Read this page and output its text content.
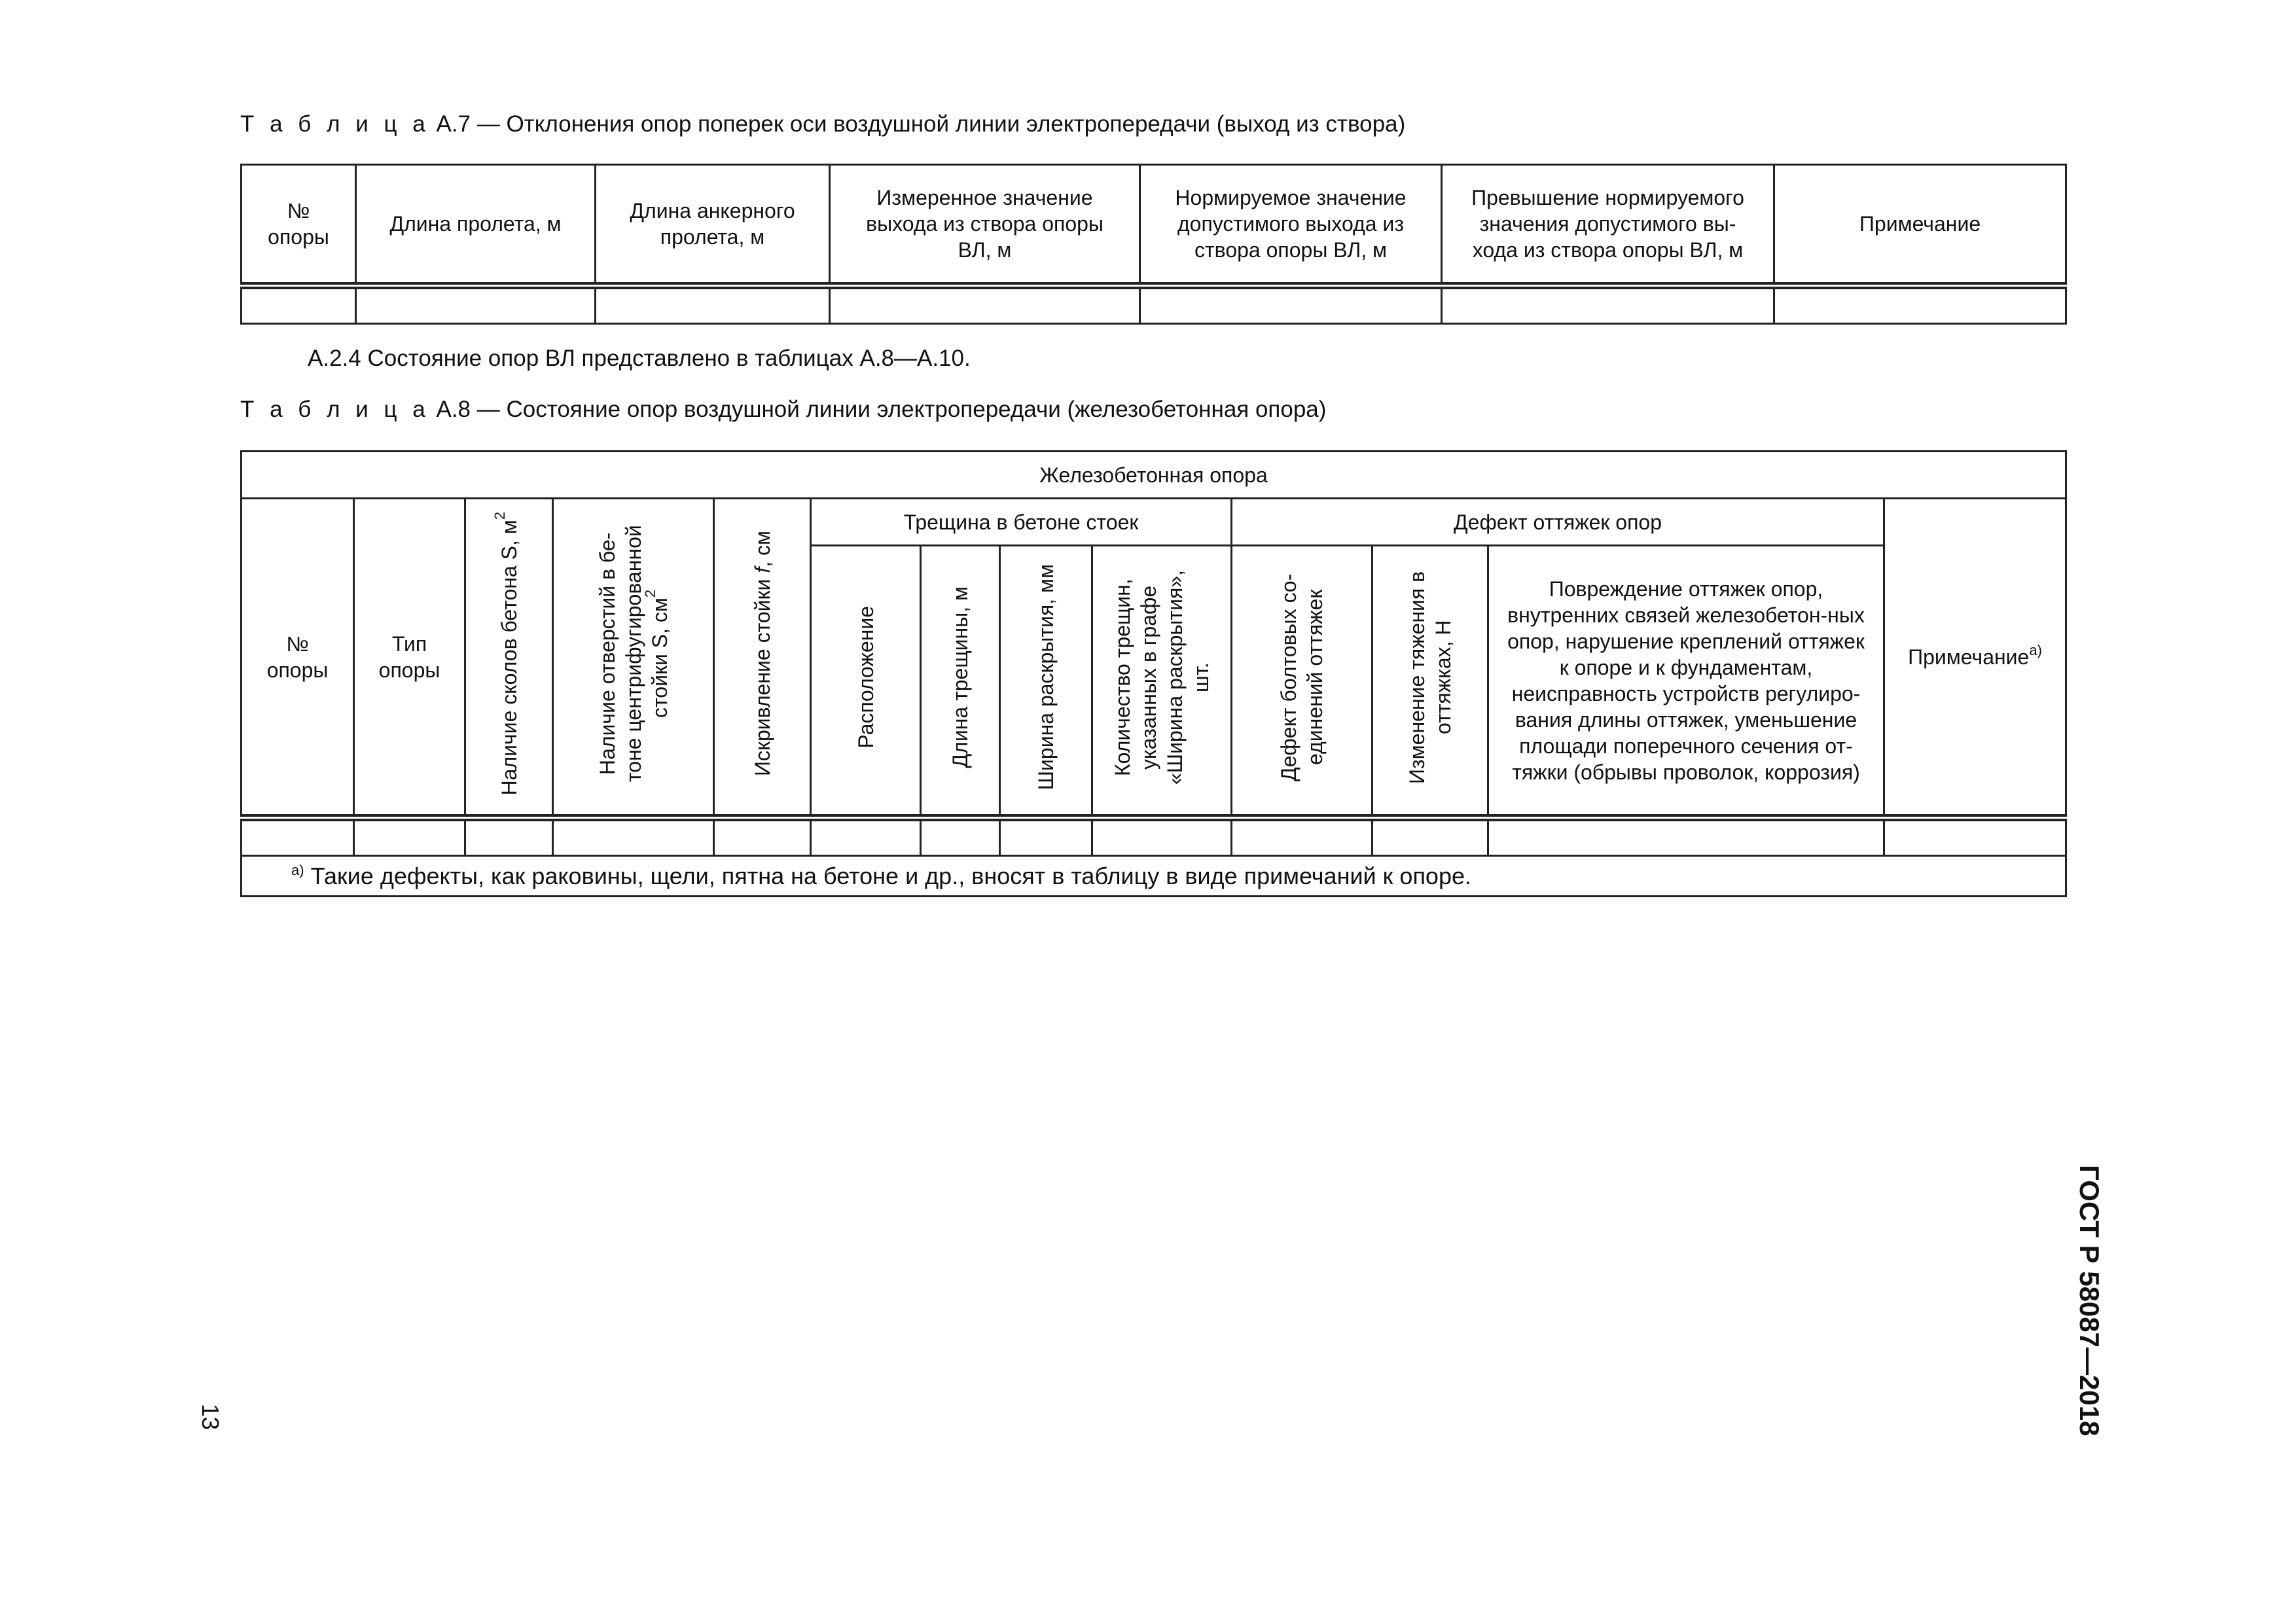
Т а б л и ц а А.7 — Отклонения опор поперек оси воздушной линии электропередачи (выход из створа)
№ опоры	Длина пролета, м	Длина анкерного пролета, м	Измеренное значение выхода из створа опоры ВЛ, м	Нормируемое значение допустимого выхода из створа опоры ВЛ, м	Превышение нормируемого значения допустимого вы-хода из створа опоры ВЛ, м	Примечание

А.2.4 Состояние опор ВЛ представлено в таблицах А.8—А.10.
Т а б л и ц а А.8 — Состояние опор воздушной линии электропередачи (железобетонная опора)
Железобетонная опора												
№ опоры	Тип опоры	Наличие сколов бетона S, $м^2$	Наличие отверстий в бе-тоне центрифугированной стойки S, $см^2$	Искривление стойки f, см	Трещина в бетоне стоек				Дефект оттяжек опор			Примечание$^{а)}$
					Расположение	Длина трещины, м	Ширина раскрытия, мм	Количество трещин, указанных в графе «Ширина раскрытия», шт.	Дефект болтовых со-единений оттяжек	Изменение тяжения в оттяжках, Н	Повреждение оттяжек опор, внутренних связей железобетон-ных опор, нарушение креплений оттяжек к опоре и к фундаментам, неисправность устройств регулиро-вания длины оттяжек, уменьшение площади поперечного сечения от-тяжки (обрывы проволок, коррозия)	

$^{а)}$ Такие дефекты, как раковины, щели, пятна на бетоне и др., вносят в таблицу в виде примечаний к опоре.												
ГОСТ Р 58087—2018
13
